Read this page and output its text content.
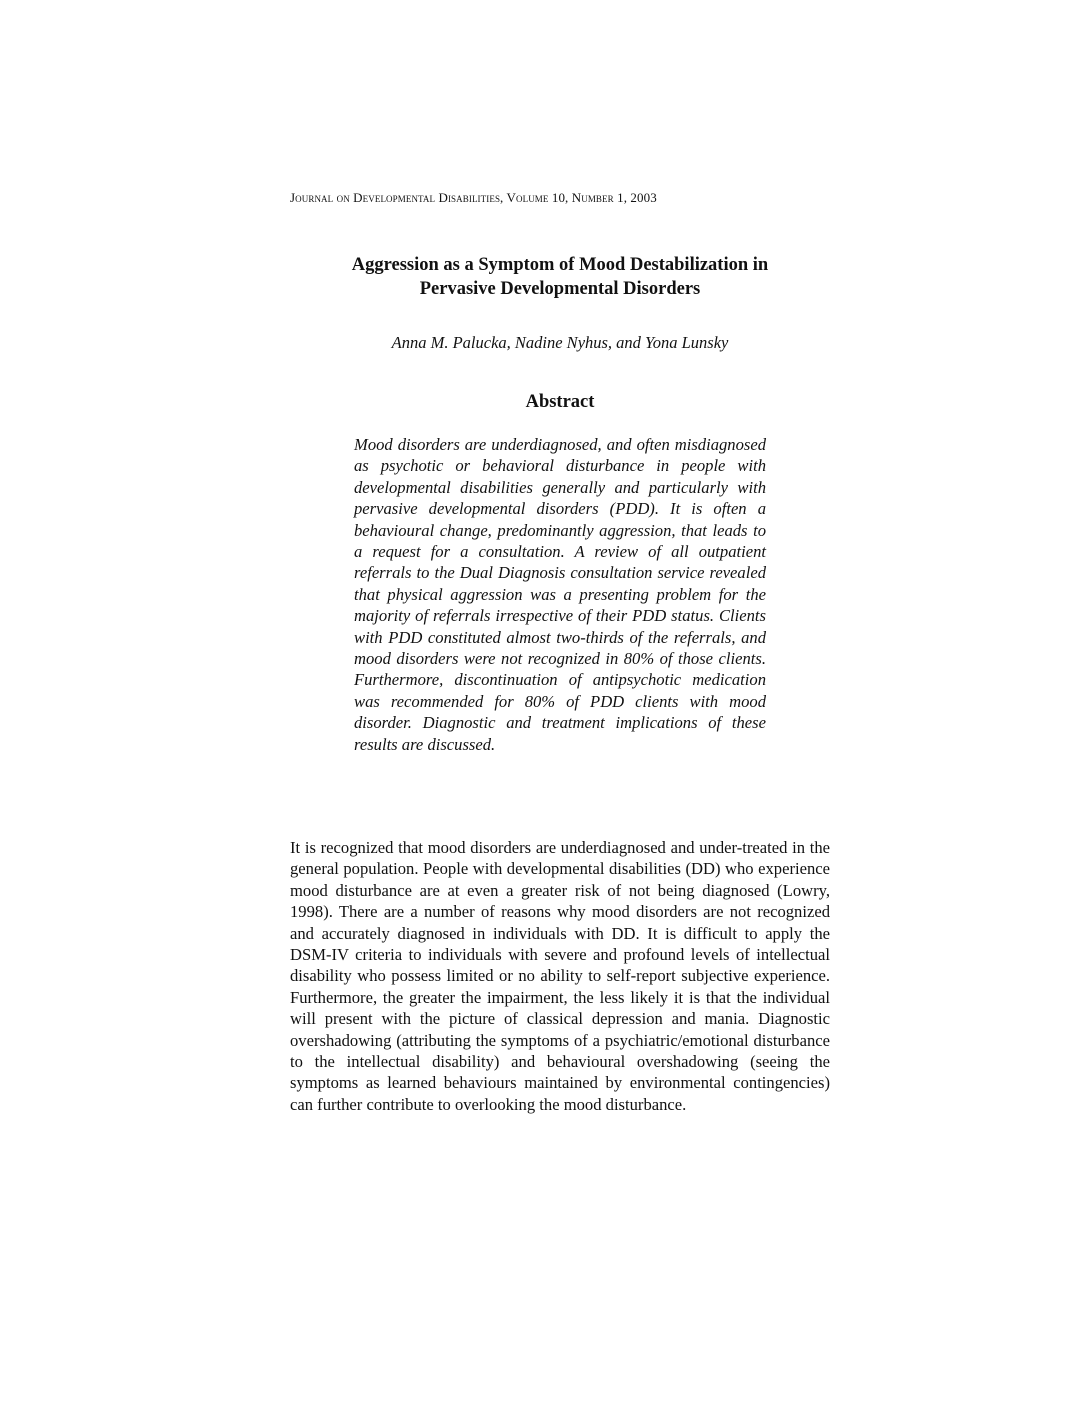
Journal on Developmental Disabilities, Volume 10, Number 1, 2003
Aggression as a Symptom of Mood Destabilization in
Pervasive Developmental Disorders
Anna M. Palucka, Nadine Nyhus, and Yona Lunsky
Abstract

Mood disorders are underdiagnosed, and often misdiagnosed as psychotic or behavioral disturbance in people with developmental disabilities generally and particularly with pervasive developmental disorders (PDD). It is often a behavioural change, predominantly aggression, that leads to a request for a consultation. A review of all outpatient referrals to the Dual Diagnosis consultation service revealed that physical aggression was a presenting problem for the majority of referrals irrespective of their PDD status. Clients with PDD constituted almost two-thirds of the referrals, and mood disorders were not recognized in 80% of those clients. Furthermore, discontinuation of antipsychotic medication was recommended for 80% of PDD clients with mood disorder. Diagnostic and treatment implications of these results are discussed.

It is recognized that mood disorders are underdiagnosed and under-treated in the general population. People with developmental disabilities (DD) who experience mood disturbance are at even a greater risk of not being diagnosed (Lowry, 1998). There are a number of reasons why mood disorders are not recognized and accurately diagnosed in individuals with DD. It is difficult to apply the DSM-IV criteria to individuals with severe and profound levels of intellectual disability who possess limited or no ability to self-report subjective experience. Furthermore, the greater the impairment, the less likely it is that the individual will present with the picture of classical depression and mania. Diagnostic overshadowing (attributing the symptoms of a psychiatric/emotional disturbance to the intellectual disability) and behavioural overshadowing (seeing the symptoms as learned behaviours maintained by environmental contingencies) can further contribute to overlooking the mood disturbance.
